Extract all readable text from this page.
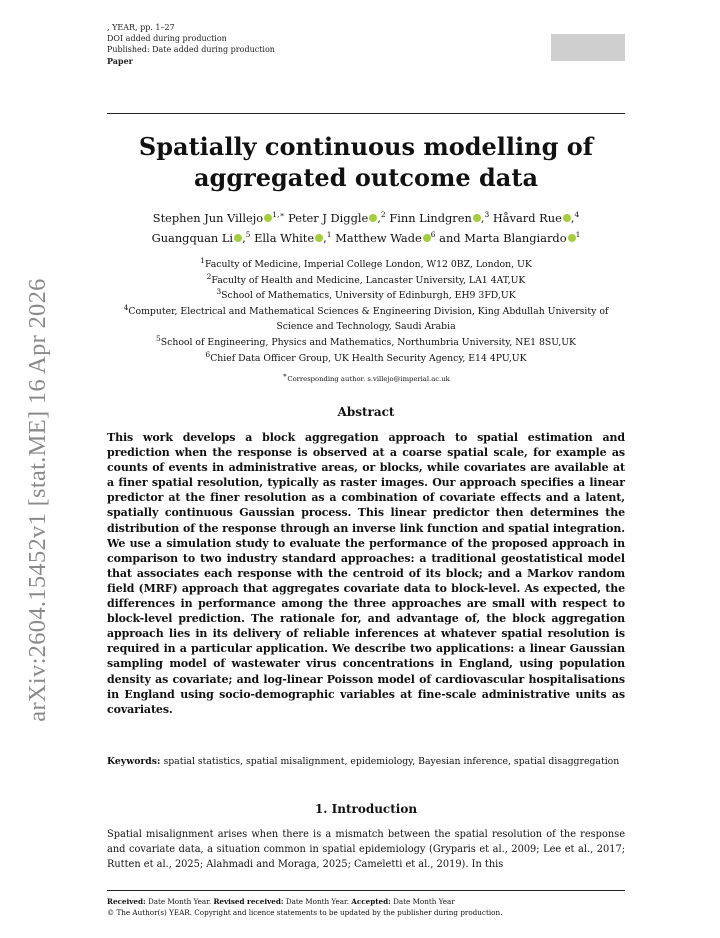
arXiv:2604.15452v1 [stat.ME] 16 Apr 2026
, YEAR, pp. 1–27
DOI added during production
Published: Date added during production
Paper
Spatially continuous modelling of
aggregated outcome data
Stephen Jun Villejo $^{1,∗}$ Peter J Diggle ,$^2$ Finn Lindgren ,$^3$ Håvard Rue ,$^4$
Guangquan Li ,$^5$ Ella White ,$^1$ Matthew Wade $^6$ and Marta Blangiardo $^1$
$^1$Faculty of Medicine, Imperial College London, W12 0BZ, London, UK
$^2$Faculty of Health and Medicine, Lancaster University, LA1 4AT,UK
$^3$School of Mathematics, University of Edinburgh, EH9 3FD,UK
$^4$Computer, Electrical and Mathematical Sciences & Engineering Division, King Abdullah University of Science and Technology, Saudi Arabia
$^5$School of Engineering, Physics and Mathematics, Northumbria University, NE1 8SU,UK
$^6$Chief Data Officer Group, UK Health Security Agency, E14 4PU,UK
∗Corresponding author. s.villejo@imperial.ac.uk
Abstract
This work develops a block aggregation approach to spatial estimation and prediction when the response is observed at a coarse spatial scale, for example as counts of events in administrative areas, or blocks, while covariates are available at a finer spatial resolution, typically as raster images. Our approach specifies a linear predictor at the finer resolution as a combination of covariate effects and a latent, spatially continuous Gaussian process. This linear predictor then determines the distribution of the response through an inverse link function and spatial integration. We use a simulation study to evaluate the performance of the proposed approach in comparison to two industry standard approaches: a traditional geostatistical model that associates each response with the centroid of its block; and a Markov random field (MRF) approach that aggregates covariate data to block-level. As expected, the differences in performance among the three approaches are small with respect to block-level prediction. The rationale for, and advantage of, the block aggregation approach lies in its delivery of reliable inferences at whatever spatial resolution is required in a particular application. We describe two applications: a linear Gaussian sampling model of wastewater virus concentrations in England, using population density as covariate; and log-linear Poisson model of cardiovascular hospitalisations in England using socio-demographic variables at fine-scale administrative units as covariates.
Keywords: spatial statistics, spatial misalignment, epidemiology, Bayesian inference, spatial disaggregation
1. Introduction
Spatial misalignment arises when there is a mismatch between the spatial resolution of the response and covariate data, a situation common in spatial epidemiology (Gryparis et al., 2009; Lee et al., 2017; Rutten et al., 2025; Alahmadi and Moraga, 2025; Cameletti et al., 2019). In this
Received: Date Month Year. Revised received: Date Month Year. Accepted: Date Month Year
© The Author(s) YEAR. Copyright and licence statements to be updated by the publisher during production.
